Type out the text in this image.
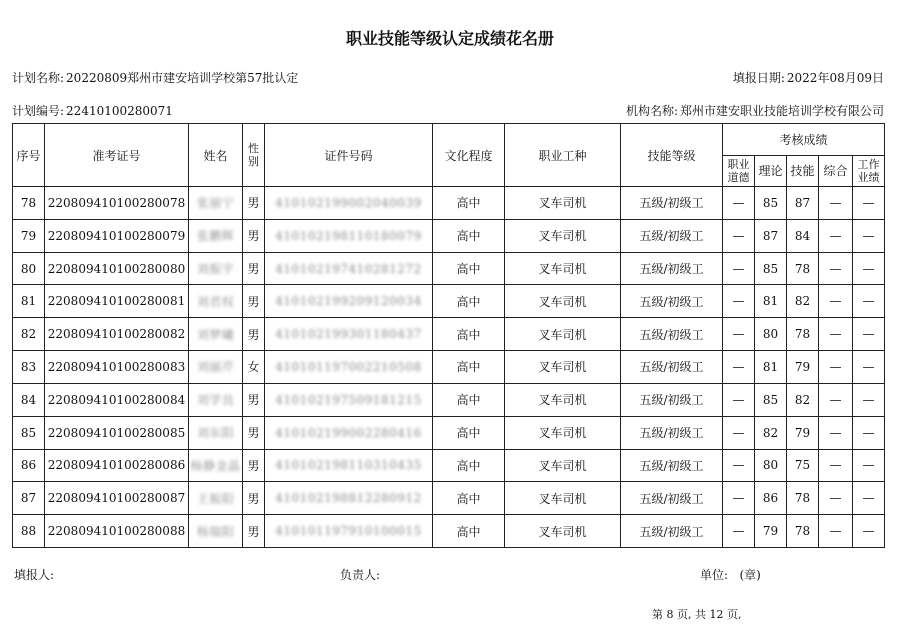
职业技能等级认定成绩花名册
计划名称: 20220809郑州市建安培训学校第57批认定	填报日期: 2022年08月09日
计划编号: 22410100280071	机构名称: 郑州市建安职业技能培训学校有限公司
序号	准考证号	姓名	性别	证件号码	文化程度	职业工种	技能等级	考核成绩				
								职业道德	理论	技能	综合	工作业绩
78	220809410100280078	张丽宁	男	410102199002040039	高中	叉车司机	五级/初级工	—	85	87	—	—
79	220809410100280079	张鹏辉	男	410102198110180079	高中	叉车司机	五级/初级工	—	87	84	—	—
80	220809410100280080	刘振宇	男	410102197410281272	高中	叉车司机	五级/初级工	—	85	78	—	—
81	220809410100280081	刘君权	男	410102199209120034	高中	叉车司机	五级/初级工	—	81	82	—	—
82	220809410100280082	刘梦曦	男	410102199301180437	高中	叉车司机	五级/初级工	—	80	78	—	—
83	220809410100280083	刘丽芹	女	410101197002210508	高中	叉车司机	五级/初级工	—	81	79	—	—
84	220809410100280084	刘学良	男	410102197509181215	高中	叉车司机	五级/初级工	—	85	82	—	—
85	220809410100280085	刘东阳	男	410102199002280416	高中	叉车司机	五级/初级工	—	82	79	—	—
86	220809410100280086	杨静金晶	男	410102198110310435	高中	叉车司机	五级/初级工	—	80	75	—	—
87	220809410100280087	王振阳	男	410102198812280912	高中	叉车司机	五级/初级工	—	86	78	—	—
88	220809410100280088	杨瑞阳	男	410101197910100015	高中	叉车司机	五级/初级工	—	79	78	—	—
填报人:	负责人:	单位: (章)
第 8 页, 共 12 页,
